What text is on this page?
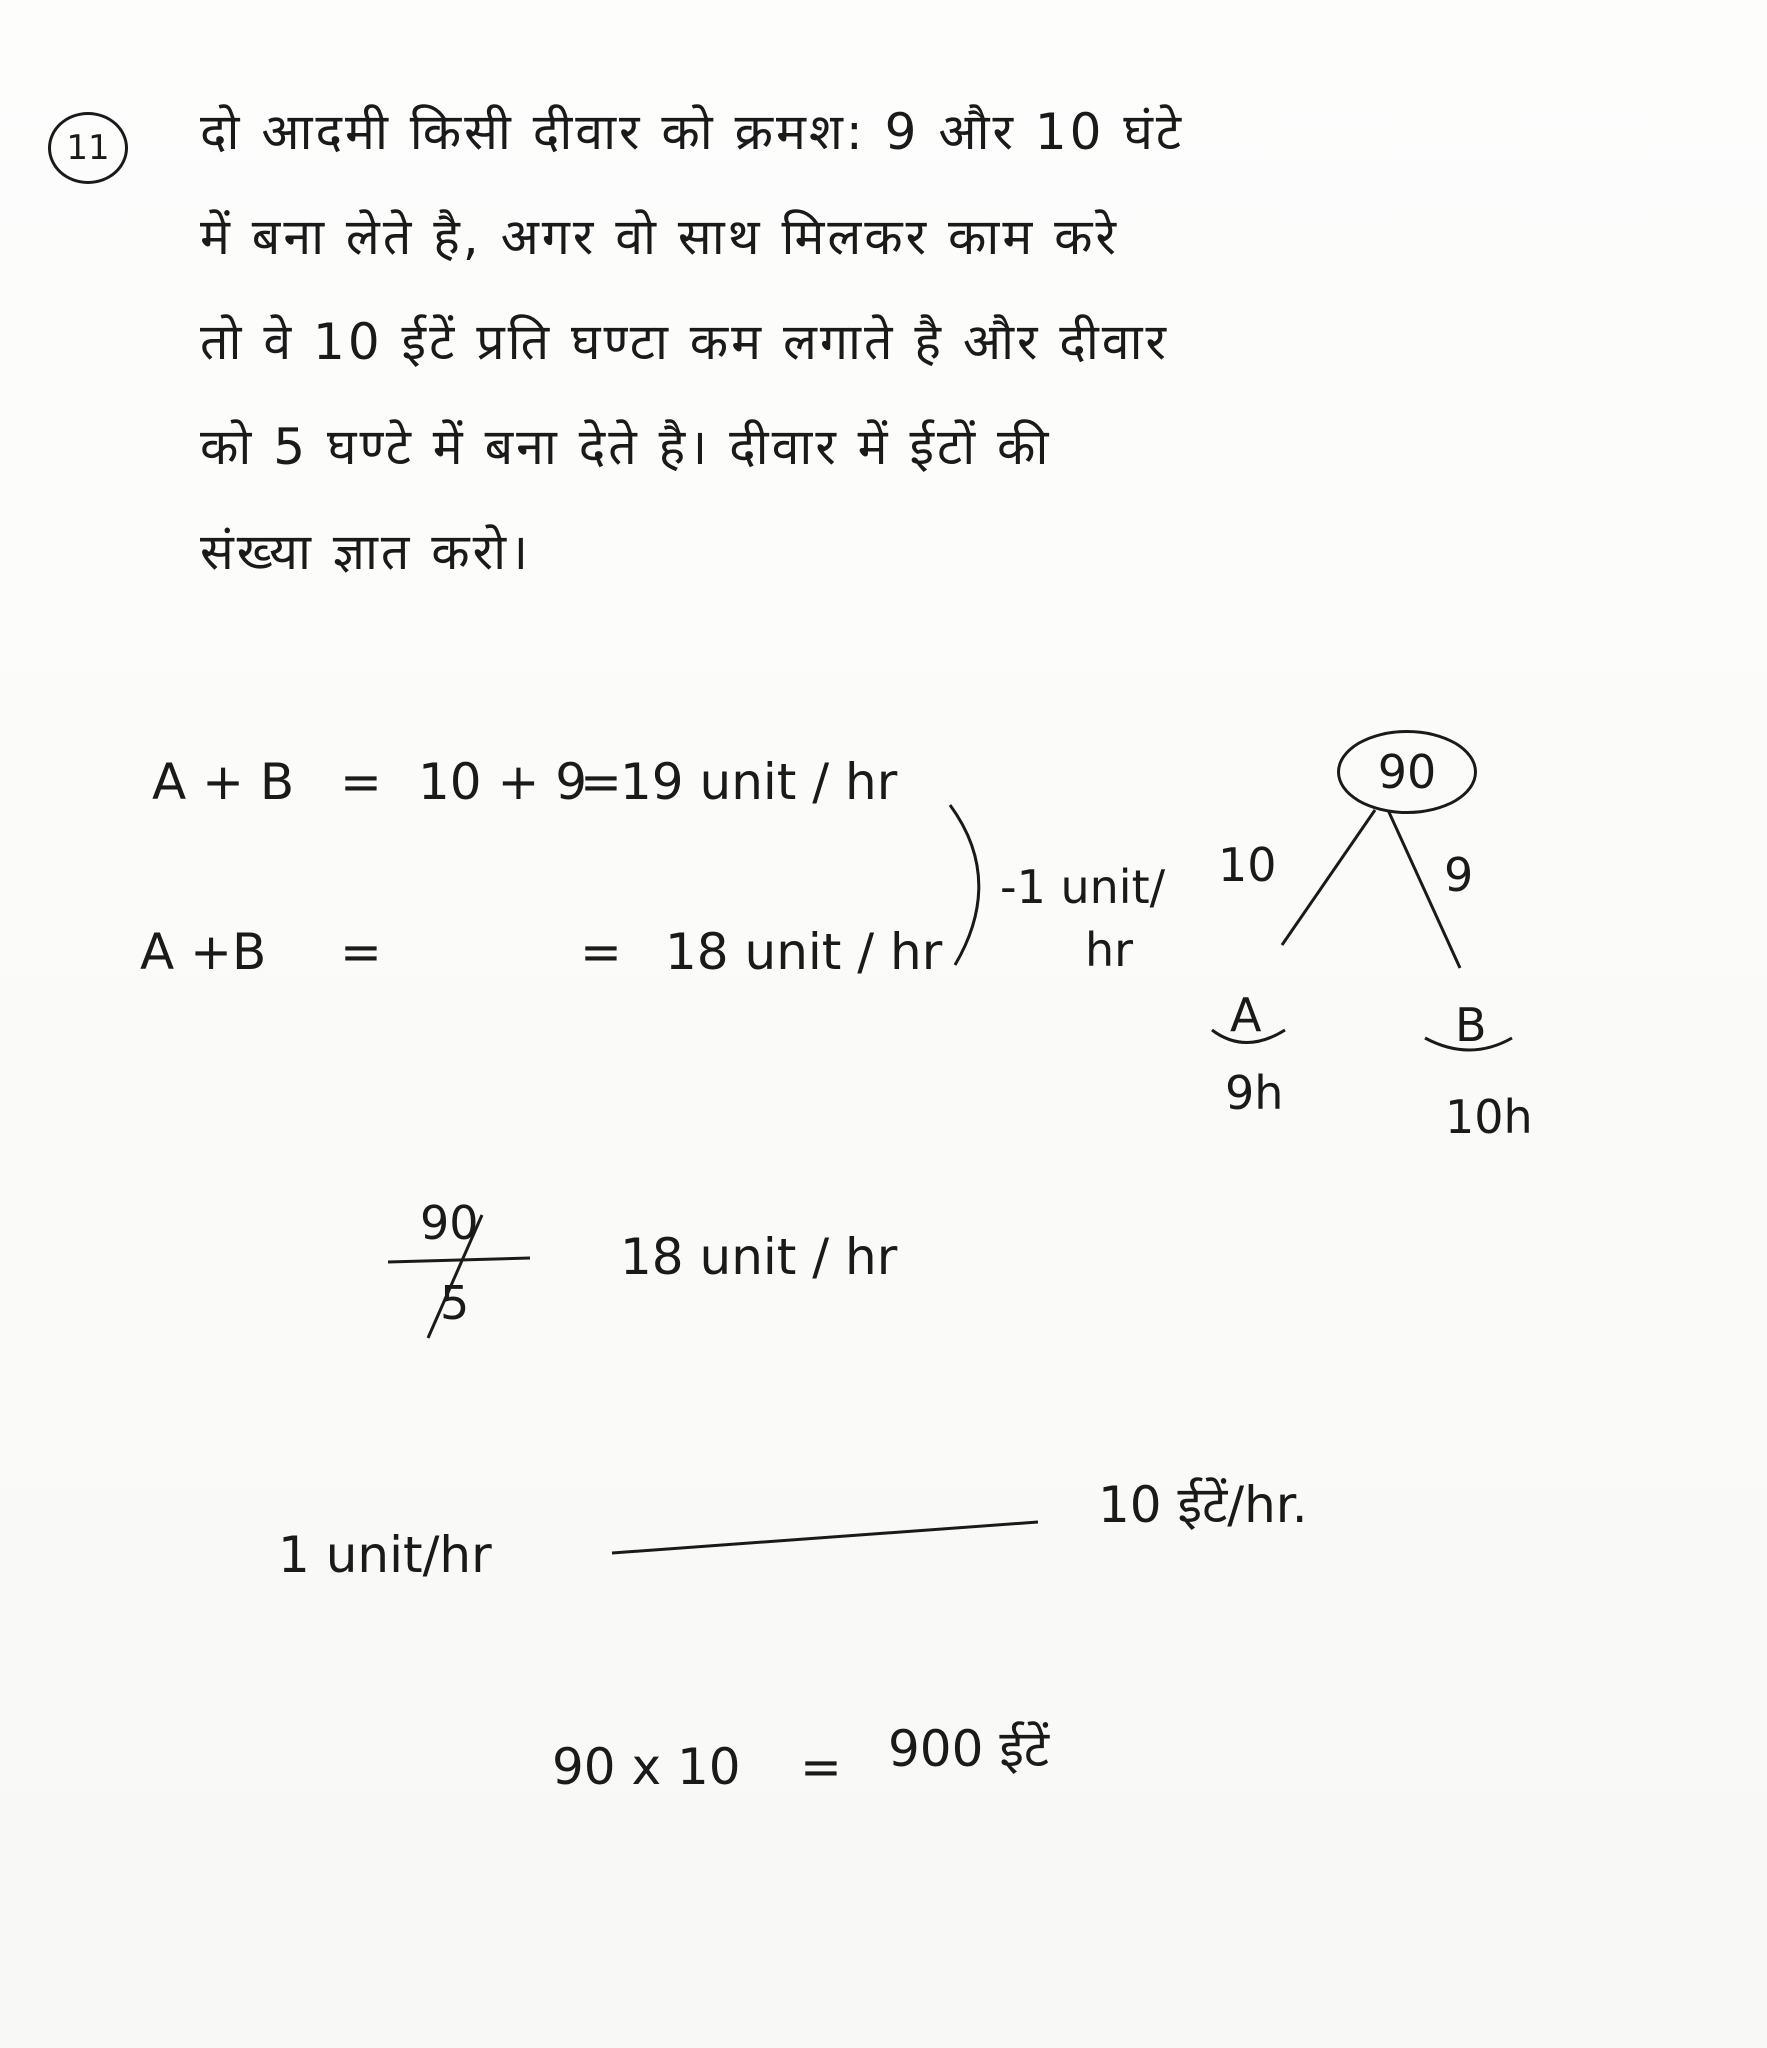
11 दो आदमी किसी दीवार को क्रमश: 9 और 10 घंटे
में बना लेते है, अगर वो साथ मिलकर काम करे
तो वे 10 ईटें प्रति घण्टा कम लगाते है और दीवार
को 5 घण्टे में बना देते है। दीवार में ईटों की
संख्या ज्ञात करो।
A + B = 10 + 9
=
19 unit / hr
A +B =	= 18 unit / hr
-1 unit/
hr
90
10	9
A
9h
B
10h
90
5
18 unit / hr
1 unit/hr
10 ईटें/hr.
90 x 10 = 900 ईटें
